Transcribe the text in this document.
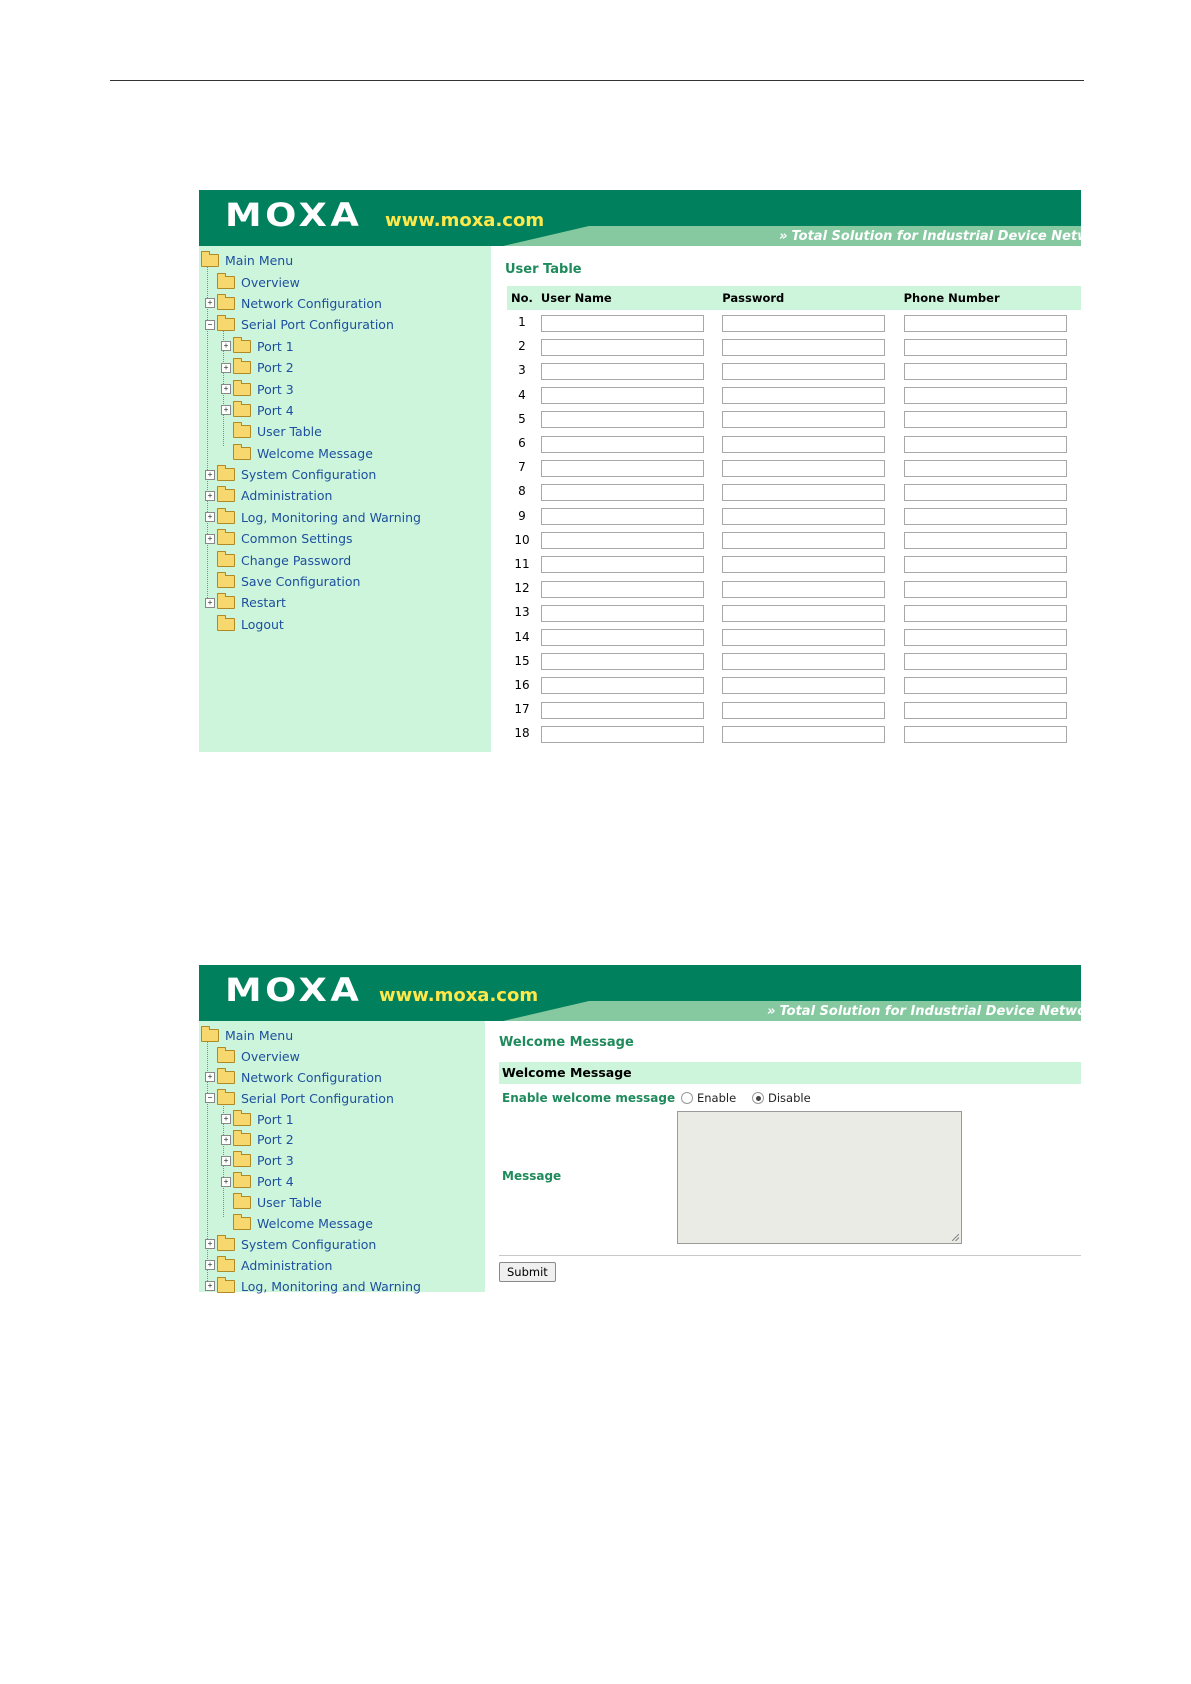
MOXA www.moxa.com
» Total Solution for Industrial Device Networki
Main Menu
Overview
+ Network Configuration
− Serial Port Configuration
+ Port 1
+ Port 2
+ Port 3
+ Port 4
User Table
Welcome Message
+ System Configuration
+ Administration
+ Log, Monitoring and Warning
+ Common Settings
Change Password
Save Configuration
+ Restart
Logout
User Table
No.	User Name	Password	Phone Number
1			
2			
3			
4			
5			
6			
7			
8			
9			
10			
11			
12			
13			
14			
15			
16			
17			
18			
MOXA www.moxa.com
» Total Solution for Industrial Device Networking
Main Menu
Overview
+ Network Configuration
− Serial Port Configuration
+ Port 1
+ Port 2
+ Port 3
+ Port 4
User Table
Welcome Message
+ System Configuration
+ Administration
+ Log, Monitoring and Warning
Welcome Message
Welcome Message
Enable welcome message Enable	Disable
Message
Submit
